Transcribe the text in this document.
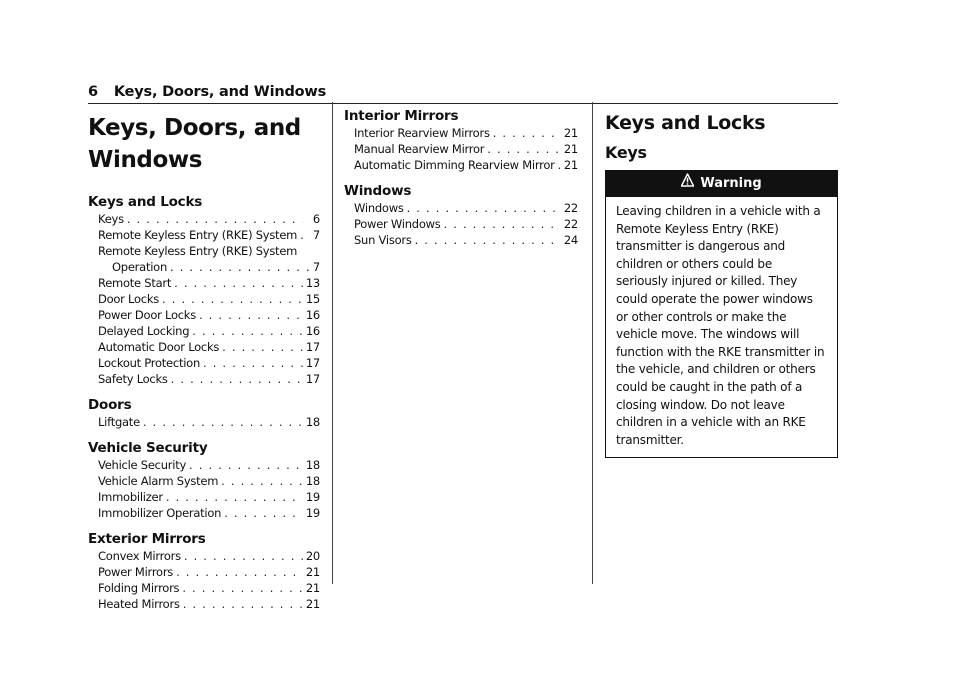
6 Keys, Doors, and Windows
Keys, Doors, and
Windows
Keys and Locks
Keys . . .	6
Remote Keyless Entry (RKE) System . . .	7
Remote Keyless Entry (RKE) System
Operation . . .	7
Remote Start . . .	13
Door Locks . . .	15
Power Door Locks . . .	16
Delayed Locking . . .	16
Automatic Door Locks . . .	17
Lockout Protection . . .	17
Safety Locks . . .	17
Doors
Liftgate . . .	18
Vehicle Security
Vehicle Security . . .	18
Vehicle Alarm System . . .	18
Immobilizer . . .	19
Immobilizer Operation . . .	19
Exterior Mirrors
Convex Mirrors . . .	20
Power Mirrors . . .	21
Folding Mirrors . . .	21
Heated Mirrors . . .	21
Interior Mirrors
Interior Rearview Mirrors . . .	21
Manual Rearview Mirror . . .	21
Automatic Dimming Rearview Mirror . . . 21
Windows
Windows . . .	22
Power Windows . . .	22
Sun Visors . . .	24
Keys and Locks
Keys
Warning
Leaving children in a vehicle with a Remote Keyless Entry (RKE) transmitter is dangerous and children or others could be seriously injured or killed. They could operate the power windows or other controls or make the vehicle move. The windows will function with the RKE transmitter in the vehicle, and children or others could be caught in the path of a closing window. Do not leave children in a vehicle with an RKE transmitter.
